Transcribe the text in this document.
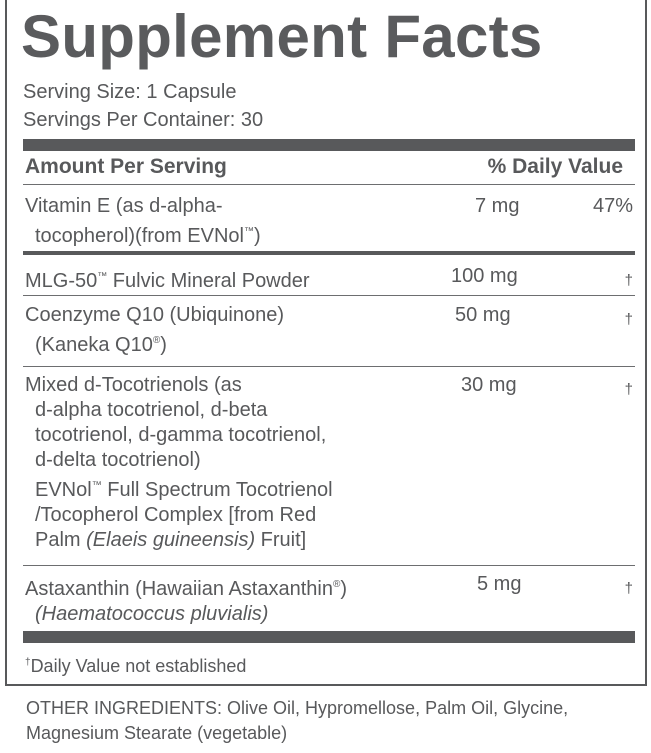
Supplement Facts
Serving Size: 1 Capsule
Servings Per Container: 30
Amount Per Serving	% Daily Value
Vitamin E (as d-alpha-
tocopherol)(from EVNol™)
7 mg	47%
MLG-50™ Fulvic Mineral Powder	100 mg	†
Coenzyme Q10 (Ubiquinone)
(Kaneka Q10®)
50 mg	†
Mixed d-Tocotrienols (as
d-alpha tocotrienol, d-beta
tocotrienol, d-gamma tocotrienol,
d-delta tocotrienol)
EVNol™ Full Spectrum Tocotrienol
/Tocopherol Complex [from Red
Palm (Elaeis guineensis) Fruit]
30 mg	†
Astaxanthin (Hawaiian Astaxanthin®)
(Haematococcus pluvialis)
5 mg	†
†Daily Value not established
OTHER INGREDIENTS: Olive Oil, Hypromellose, Palm Oil, Glycine, Magnesium Stearate (vegetable)
